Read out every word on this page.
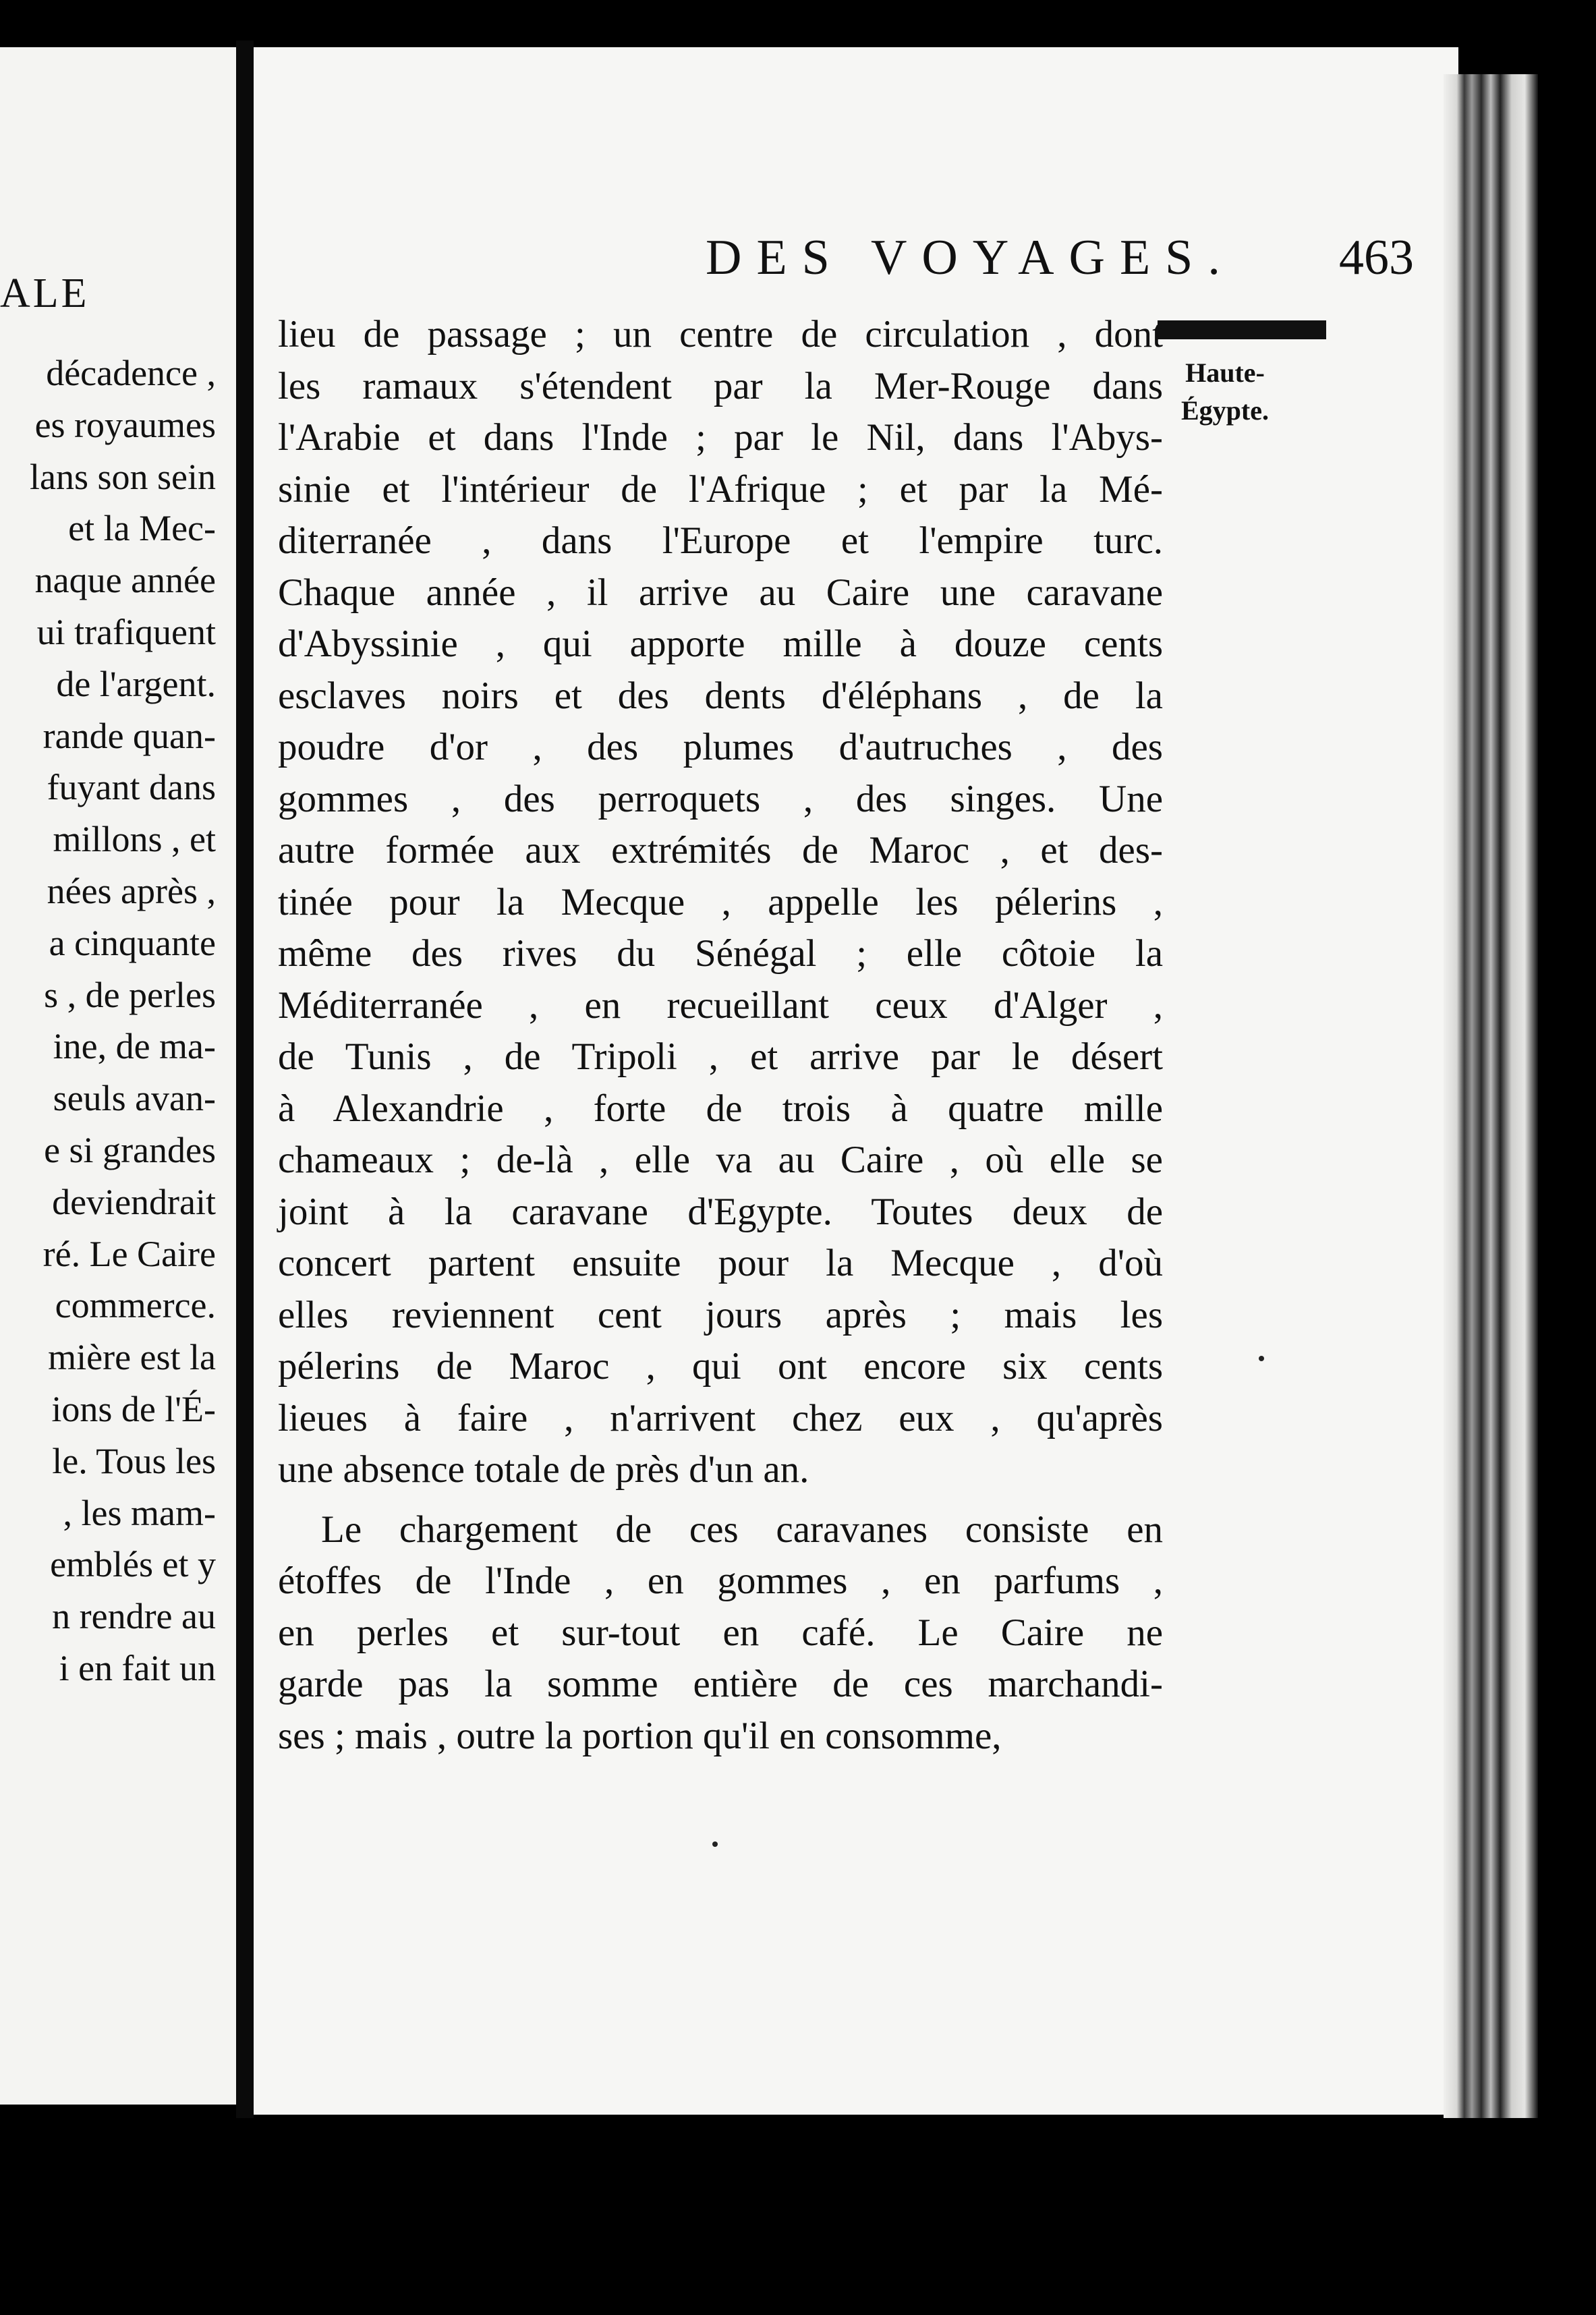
ALE
décadence ,
es royaumes
lans son sein
et la Mec-
naque année
ui trafiquent
de l'argent.
rande quan-
fuyant dans
millons , et
nées après ,
a cinquante
s , de perles
ine, de ma-
seuls avan-
e si grandes
deviendrait
ré. Le Caire
commerce.
mière est la
ions de l'É-
le. Tous les
, les mam-
emblés et y
n rendre au
i en fait un
DES VOYAGES. 463
Haute-
Égypte.
lieu de passage ; un centre de circulation , dont
les ramaux s'étendent par la Mer-Rouge dans
l'Arabie et dans l'Inde ; par le Nil, dans l'Abys-
sinie et l'intérieur de l'Afrique ; et par la Mé-
diterranée , dans l'Europe et l'empire turc.
Chaque année , il arrive au Caire une caravane
d'Abyssinie , qui apporte mille à douze cents
esclaves noirs et des dents d'éléphans , de la
poudre d'or , des plumes d'autruches , des
gommes , des perroquets , des singes. Une
autre formée aux extrémités de Maroc , et des-
tinée pour la Mecque , appelle les pélerins ,
même des rives du Sénégal ; elle côtoie la
Méditerranée , en recueillant ceux d'Alger ,
de Tunis , de Tripoli , et arrive par le désert
à Alexandrie , forte de trois à quatre mille
chameaux ; de-là , elle va au Caire , où elle se
joint à la caravane d'Egypte. Toutes deux de
concert partent ensuite pour la Mecque , d'où
elles reviennent cent jours après ; mais les
pélerins de Maroc , qui ont encore six cents
lieues à faire , n'arrivent chez eux , qu'après
une absence totale de près d'un an.
Le chargement de ces caravanes consiste en
étoffes de l'Inde , en gommes , en parfums ,
en perles et sur-tout en café. Le Caire ne
garde pas la somme entière de ces marchandi-
ses ; mais , outre la portion qu'il en consomme,
